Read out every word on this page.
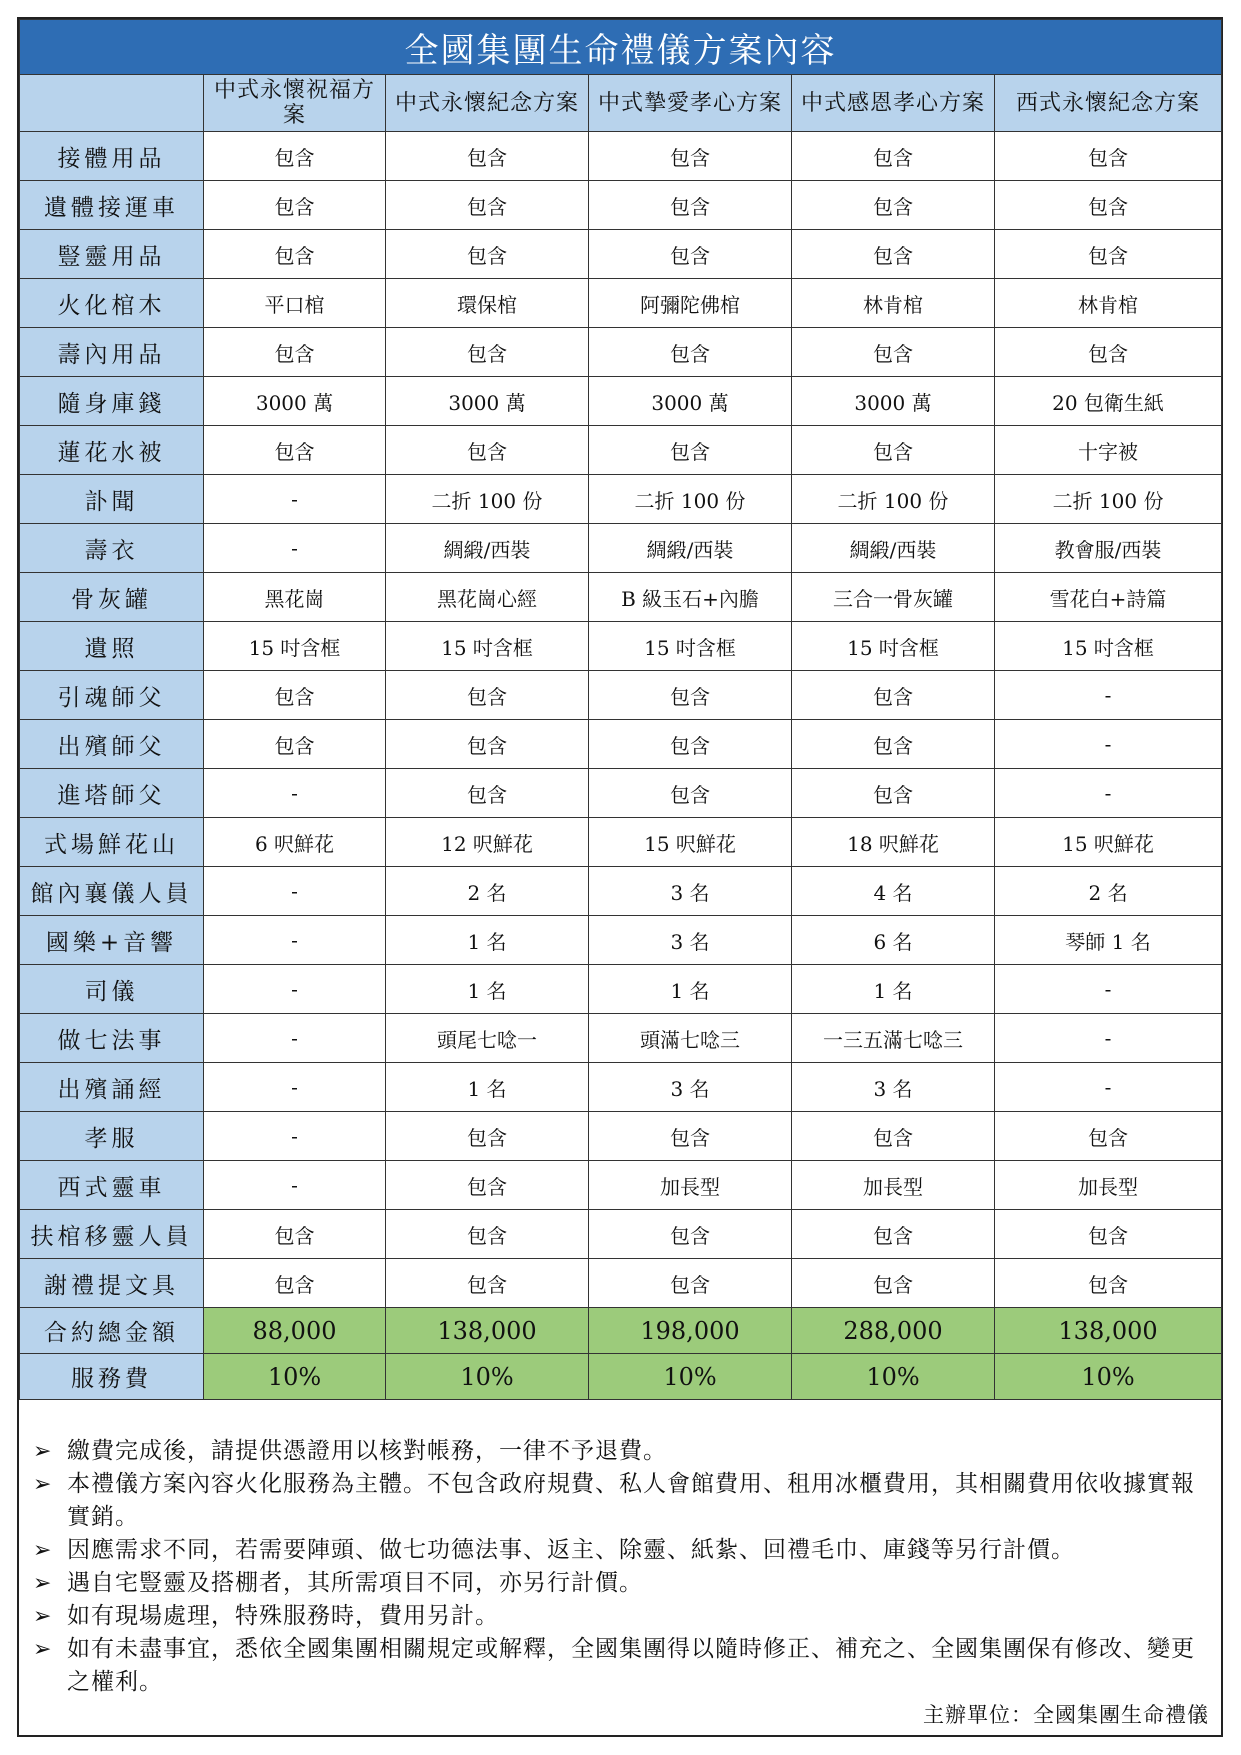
全國集團生命禮儀方案內容					
	中式永懷祝福方案	中式永懷紀念方案	中式摯愛孝心方案	中式感恩孝心方案	西式永懷紀念方案
接體用品	包含	包含	包含	包含	包含
遺體接運車	包含	包含	包含	包含	包含
豎靈用品	包含	包含	包含	包含	包含
火化棺木	平口棺	環保棺	阿彌陀佛棺	林肯棺	林肯棺
壽內用品	包含	包含	包含	包含	包含
隨身庫錢	3000 萬	3000 萬	3000 萬	3000 萬	20 包衛生紙
蓮花水被	包含	包含	包含	包含	十字被
訃聞	-	二折 100 份	二折 100 份	二折 100 份	二折 100 份
壽衣	-	綢緞/西裝	綢緞/西裝	綢緞/西裝	教會服/西裝
骨灰罐	黑花崗	黑花崗心經	B 級玉石+內膽	三合一骨灰罐	雪花白+詩篇
遺照	15 吋含框	15 吋含框	15 吋含框	15 吋含框	15 吋含框
引魂師父	包含	包含	包含	包含	-
出殯師父	包含	包含	包含	包含	-
進塔師父	-	包含	包含	包含	-
式場鮮花山	6 呎鮮花	12 呎鮮花	15 呎鮮花	18 呎鮮花	15 呎鮮花
館內襄儀人員	-	2 名	3 名	4 名	2 名
國樂+音響	-	1 名	3 名	6 名	琴師 1 名
司儀	-	1 名	1 名	1 名	-
做七法事	-	頭尾七唸一	頭滿七唸三	一三五滿七唸三	-
出殯誦經	-	1 名	3 名	3 名	-
孝服	-	包含	包含	包含	包含
西式靈車	-	包含	加長型	加長型	加長型
扶棺移靈人員	包含	包含	包含	包含	包含
謝禮提文具	包含	包含	包含	包含	包含
合約總金額	88,000	138,000	198,000	288,000	138,000
服務費	10%	10%	10%	10%	10%
➢ 繳費完成後，請提供憑證用以核對帳務，一律不予退費。
➢ 本禮儀方案內容火化服務為主體。不包含政府規費、私人會館費用、租用冰櫃費用，其相關費用依收據實報實銷。
➢ 因應需求不同，若需要陣頭、做七功德法事、返主、除靈、紙紮、回禮毛巾、庫錢等另行計價。
➢ 遇自宅豎靈及搭棚者，其所需項目不同，亦另行計價。
➢ 如有現場處理，特殊服務時，費用另計。
➢ 如有未盡事宜，悉依全國集團相關規定或解釋，全國集團得以隨時修正、補充之、全國集團保有修改、變更之權利。
主辦單位：全國集團生命禮儀
